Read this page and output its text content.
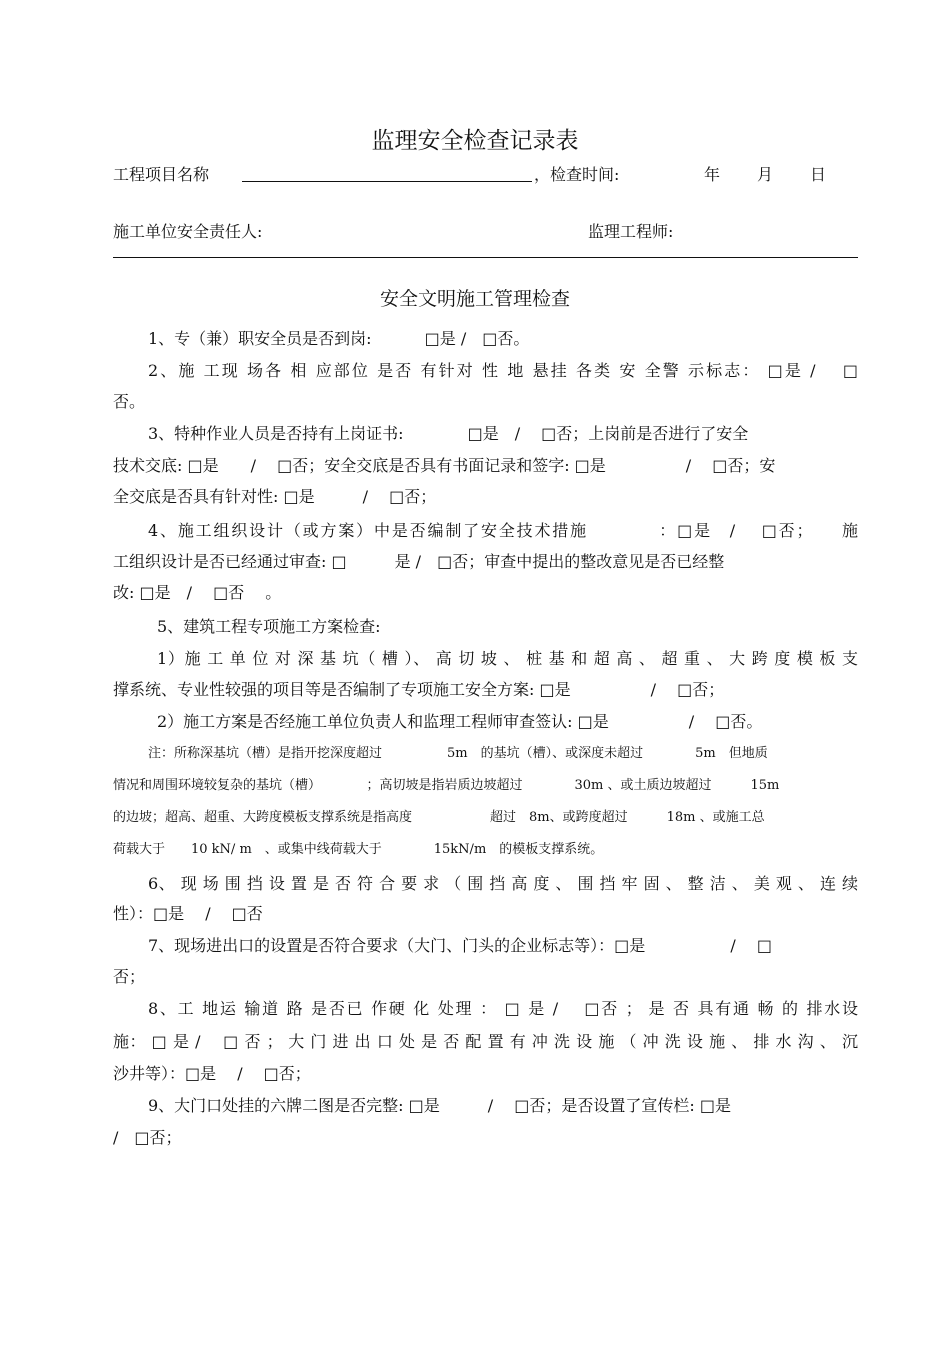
监理安全检查记录表
工程项目名称	，检查时间:	年 月 日
施工单位安全责任人:	监理工程师:
安全文明施工管理检查
1、专（兼）职安全员是否到岗:　　　 □是 /　□否。
2、施 工现 场各 相 应部位 是否 有针对 性 地 悬挂 各类 安 全警 示标志： □是 /　 □
否。
3、特种作业人员是否持有上岗证书:　　　　□是　/　 □否；上岗前是否进行了安全
技术交底: □是　　/　 □否；安全交底是否具有书面记录和签字: □是　　　　　/　 □否；安
全交底是否具有针对性: □是　　　/　 □否；
4、施工组织设计（或方案）中是否编制了安全技术措施　　　　：□是　/　 □否；　　施
工组织设计是否已经通过审查: □　　　是 /　□否；审查中提出的整改意见是否已经整
改: □是　/　 □否　 。
5、建筑工程专项施工方案检查:
1）施 工 单 位 对 深 基 坑（ 槽 ）、 高 切 坡 、 桩 基 和 超 高 、 超 重 、 大 跨 度 模 板 支
撑系统、专业性较强的项目等是否编制了专项施工安全方案: □是　　　　　/　 □否；
2）施工方案是否经施工单位负责人和监理工程师审查签认: □是　　　　　/　 □否。
注：所称深基坑（槽）是指开挖深度超过　　　　　5m　的基坑（槽）、或深度未超过　　　　5m　但地质
情况和周围环境较复杂的基坑（槽）　　　　；高切坡是指岩质边坡超过　　　　30m 、或土质边坡超过　　　15m
的边坡；超高、超重、大跨度模板支撑系统是指高度　　　　　　超过　8m、或跨度超过　　　18m 、或施工总
荷载大于　　10 kN/ m　、或集中线荷载大于　　　　15kN/m　的模板支撑系统。
6、 现 场 围 挡 设 置 是 否 符 合 要 求 （ 围 挡 高 度 、 围 挡 牢 固 、 整 洁 、 美 观 、 连 续
性）：□是　 /　 □否
7、现场进出口的设置是否符合要求（大门、门头的企业标志等）：□是　　　　　 /　 □
否；
8、工 地运 输道 路 是否已 作硬 化 处理 ： □ 是 /　 □否 ； 是 否 具有通 畅 的 排水设
施： □ 是 /　 □ 否 ； 大 门 进 出 口 处 是 否 配 置 有 冲 洗 设 施 （ 冲 洗 设 施 、 排 水 沟 、 沉
沙井等）：□是　 /　 □否；
9、大门口处挂的六牌二图是否完整: □是　　　/　 □否；是否设置了宣传栏: □是
/　□否；
